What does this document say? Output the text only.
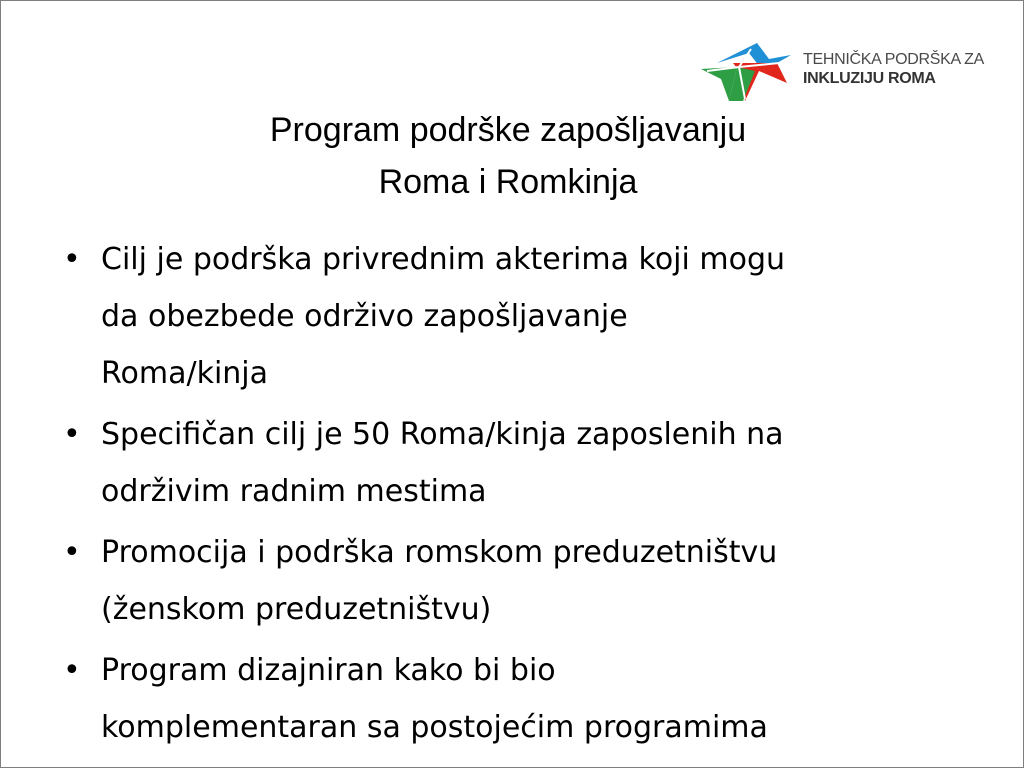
TEHNIČKA PODRŠKA ZA
INKLUZIJU ROMA
Program podrške zapošljavanju
Roma i Romkinja
• Cilj je podrška privrednim akterima koji mogu
da obezbede održivo zapošljavanje
Roma/kinja
• Specifičan cilj je 50 Roma/kinja zaposlenih na
održivim radnim mestima
• Promocija i podrška romskom preduzetništvu
(ženskom preduzetništvu)
• Program dizajniran kako bi bio
komplementaran sa postojećim programima
